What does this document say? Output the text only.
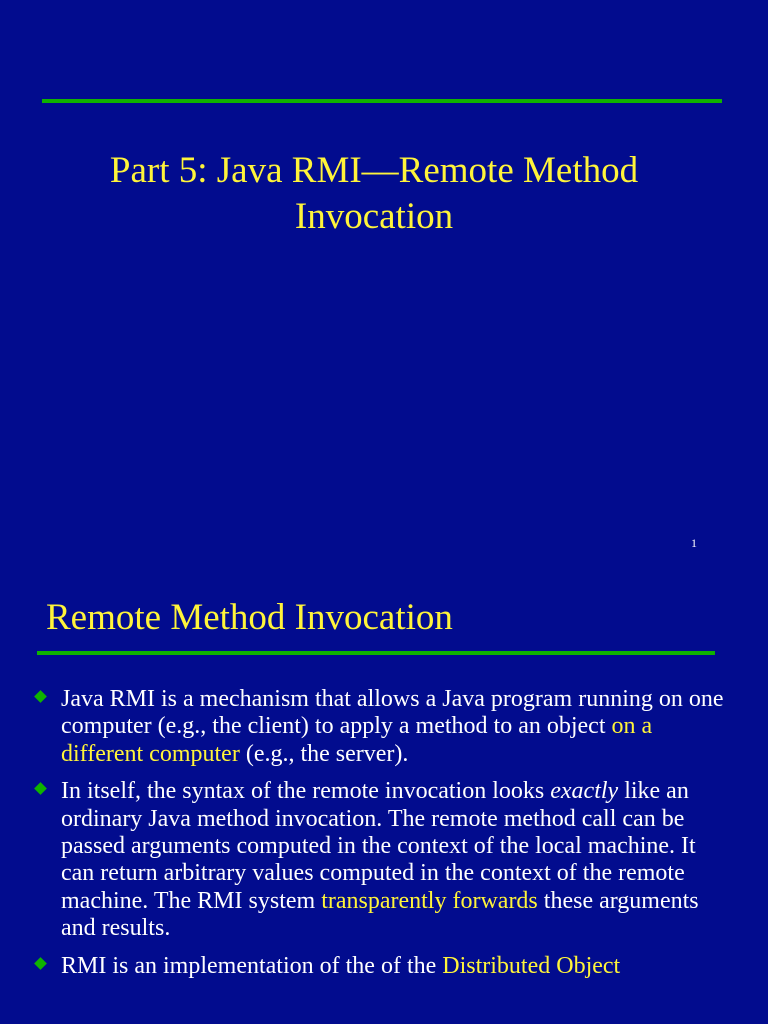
Part 5: Java RMI—Remote Method
Invocation
1
Remote Method Invocation
Java RMI is a mechanism that allows a Java program running on one computer (e.g., the client) to apply a method to an object on a different computer (e.g., the server).
In itself, the syntax of the remote invocation looks exactly like an ordinary Java method invocation. The remote method call can be passed arguments computed in the context of the local machine. It can return arbitrary values computed in the context of the remote machine. The RMI system transparently forwards these arguments and results.
RMI is an implementation of the of the Distributed Object
